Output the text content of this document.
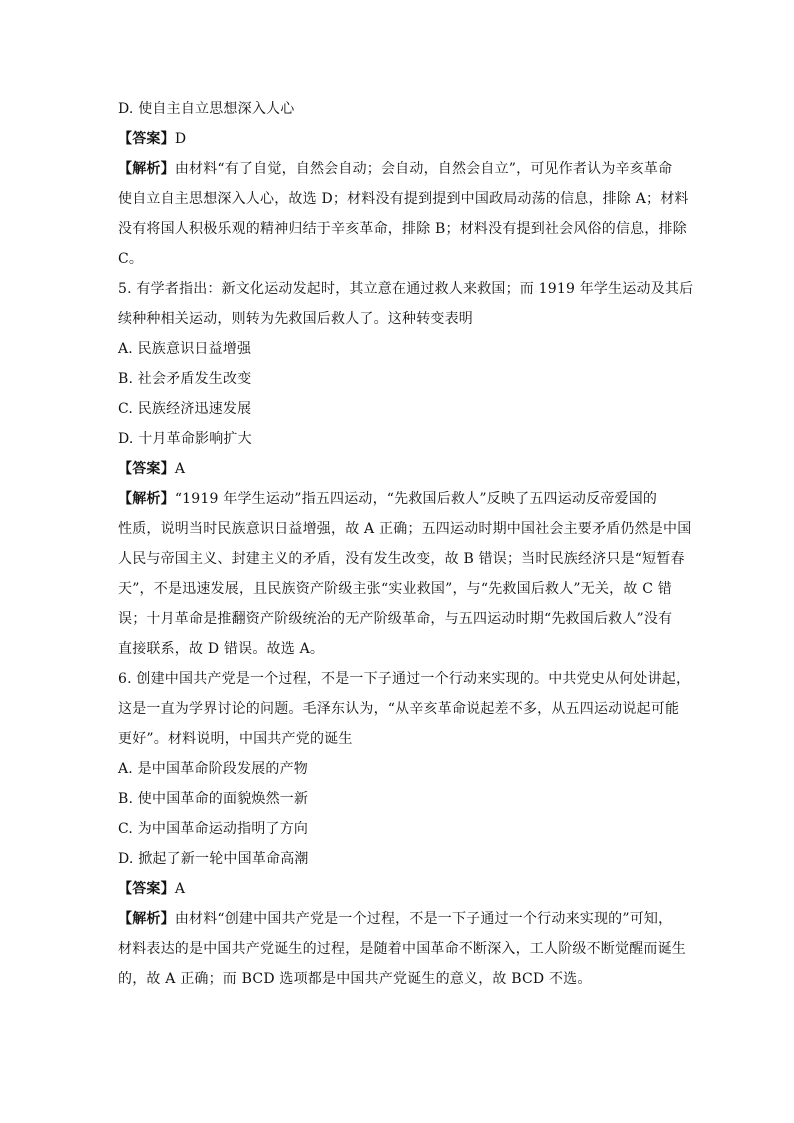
D. 使自主自立思想深入人心
【答案】D
【解析】由材料“有了自觉，自然会自动；会自动，自然会自立”，可见作者认为辛亥革命
使自立自主思想深入人心，故选 D；材料没有提到提到中国政局动荡的信息，排除 A；材料
没有将国人积极乐观的精神归结于辛亥革命，排除 B；材料没有提到社会风俗的信息，排除
C。
5. 有学者指出：新文化运动发起时，其立意在通过救人来救国；而 1919 年学生运动及其后
续种种相关运动，则转为先救国后救人了。这种转变表明
A. 民族意识日益增强
B. 社会矛盾发生改变
C. 民族经济迅速发展
D. 十月革命影响扩大
【答案】A
【解析】“1919 年学生运动”指五四运动，“先救国后救人”反映了五四运动反帝爱国的
性质，说明当时民族意识日益增强，故 A 正确；五四运动时期中国社会主要矛盾仍然是中国
人民与帝国主义、封建主义的矛盾，没有发生改变，故 B 错误；当时民族经济只是“短暂春
天”，不是迅速发展，且民族资产阶级主张“实业救国”，与“先救国后救人”无关，故 C 错
误；十月革命是推翻资产阶级统治的无产阶级革命，与五四运动时期“先救国后救人”没有
直接联系，故 D 错误。故选 A。
6. 创建中国共产党是一个过程，不是一下子通过一个行动来实现的。中共党史从何处讲起，
这是一直为学界讨论的问题。毛泽东认为，“从辛亥革命说起差不多，从五四运动说起可能
更好”。材料说明，中国共产党的诞生
A. 是中国革命阶段发展的产物
B. 使中国革命的面貌焕然一新
C. 为中国革命运动指明了方向
D. 掀起了新一轮中国革命高潮
【答案】A
【解析】由材料“创建中国共产党是一个过程，不是一下子通过一个行动来实现的”可知，
材料表达的是中国共产党诞生的过程，是随着中国革命不断深入，工人阶级不断觉醒而诞生
的，故 A 正确；而 BCD 选项都是中国共产党诞生的意义，故 BCD 不选。
